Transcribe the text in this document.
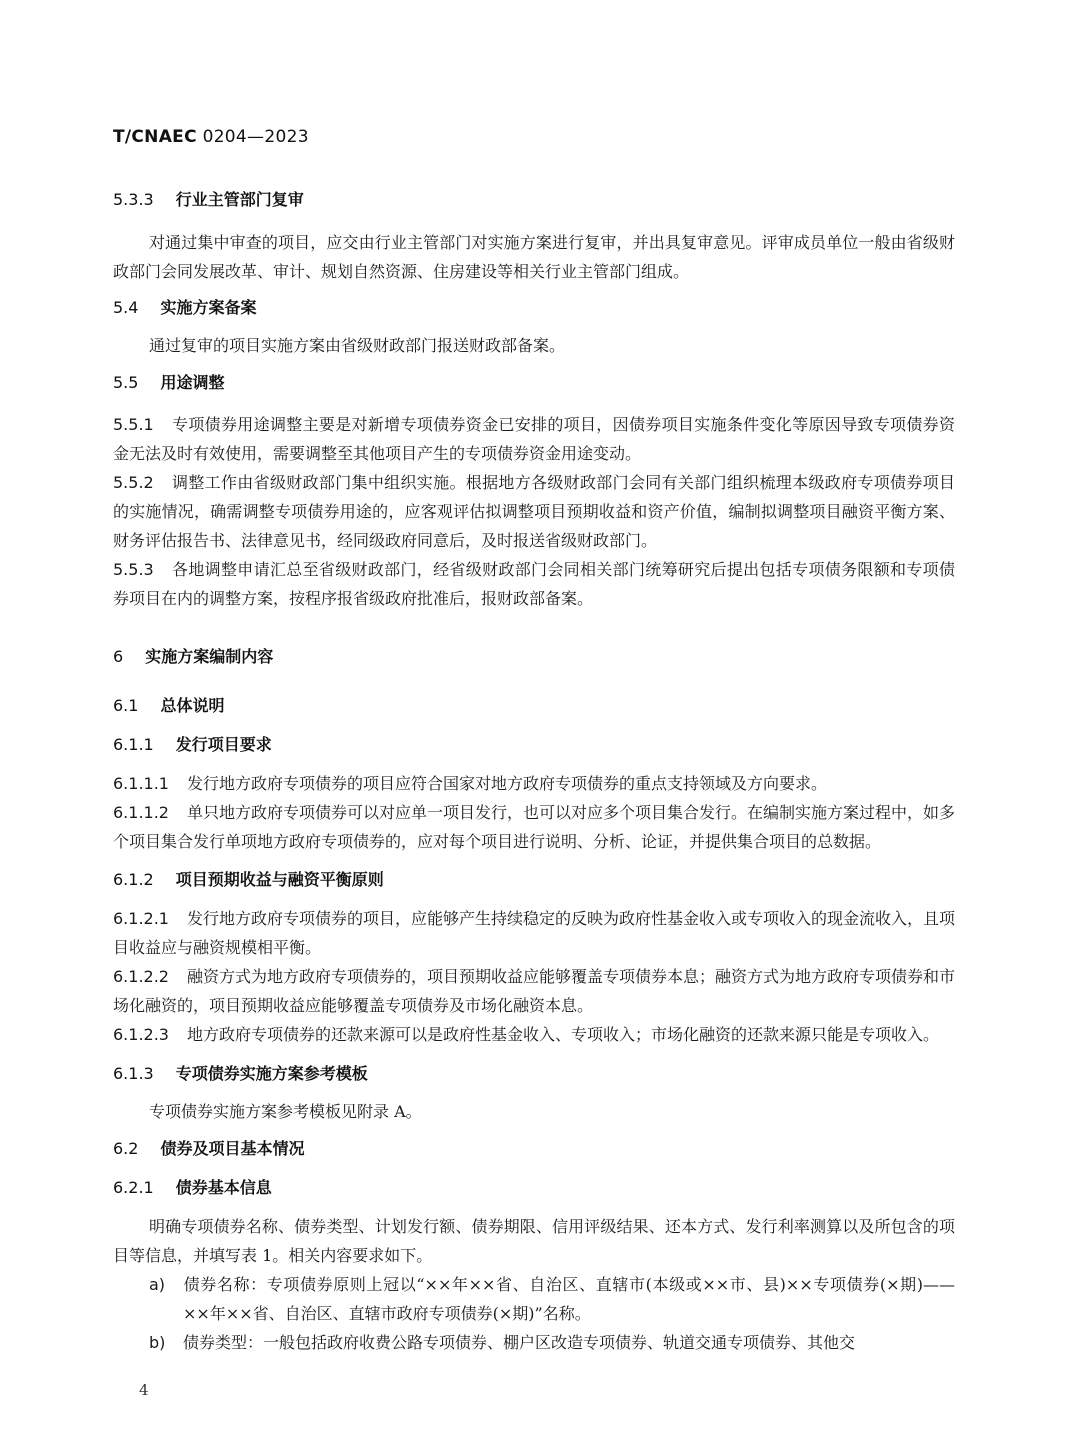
T/CNAEC 0204—2023
5.3.3 行业主管部门复审
对通过集中审查的项目，应交由行业主管部门对实施方案进行复审，并出具复审意见。评审成员单位一般由省级财政部门会同发展改革、审计、规划自然资源、住房建设等相关行业主管部门组成。
5.4 实施方案备案
通过复审的项目实施方案由省级财政部门报送财政部备案。
5.5 用途调整
5.5.1 专项债券用途调整主要是对新增专项债券资金已安排的项目，因债券项目实施条件变化等原因导致专项债券资金无法及时有效使用，需要调整至其他项目产生的专项债券资金用途变动。
5.5.2 调整工作由省级财政部门集中组织实施。根据地方各级财政部门会同有关部门组织梳理本级政府专项债券项目的实施情况，确需调整专项债券用途的，应客观评估拟调整项目预期收益和资产价值，编制拟调整项目融资平衡方案、财务评估报告书、法律意见书，经同级政府同意后，及时报送省级财政部门。
5.5.3 各地调整申请汇总至省级财政部门，经省级财政部门会同相关部门统筹研究后提出包括专项债务限额和专项债券项目在内的调整方案，按程序报省级政府批准后，报财政部备案。
6 实施方案编制内容
6.1 总体说明
6.1.1 发行项目要求
6.1.1.1 发行地方政府专项债券的项目应符合国家对地方政府专项债券的重点支持领域及方向要求。
6.1.1.2 单只地方政府专项债券可以对应单一项目发行，也可以对应多个项目集合发行。在编制实施方案过程中，如多个项目集合发行单项地方政府专项债券的，应对每个项目进行说明、分析、论证，并提供集合项目的总数据。
6.1.2 项目预期收益与融资平衡原则
6.1.2.1 发行地方政府专项债券的项目，应能够产生持续稳定的反映为政府性基金收入或专项收入的现金流收入，且项目收益应与融资规模相平衡。
6.1.2.2 融资方式为地方政府专项债券的，项目预期收益应能够覆盖专项债券本息；融资方式为地方政府专项债券和市场化融资的，项目预期收益应能够覆盖专项债券及市场化融资本息。
6.1.2.3 地方政府专项债券的还款来源可以是政府性基金收入、专项收入；市场化融资的还款来源只能是专项收入。
6.1.3 专项债券实施方案参考模板
专项债券实施方案参考模板见附录 A。
6.2 债券及项目基本情况
6.2.1 债券基本信息
明确专项债券名称、债券类型、计划发行额、债券期限、信用评级结果、还本方式、发行利率测算以及所包含的项目等信息，并填写表 1。相关内容要求如下。
a) 债券名称：专项债券原则上冠以“××年××省、自治区、直辖市(本级或××市、县)××专项债券(×期)——××年××省、自治区、直辖市政府专项债券(×期)”名称。
b) 债券类型：一般包括政府收费公路专项债券、棚户区改造专项债券、轨道交通专项债券、其他交
4
